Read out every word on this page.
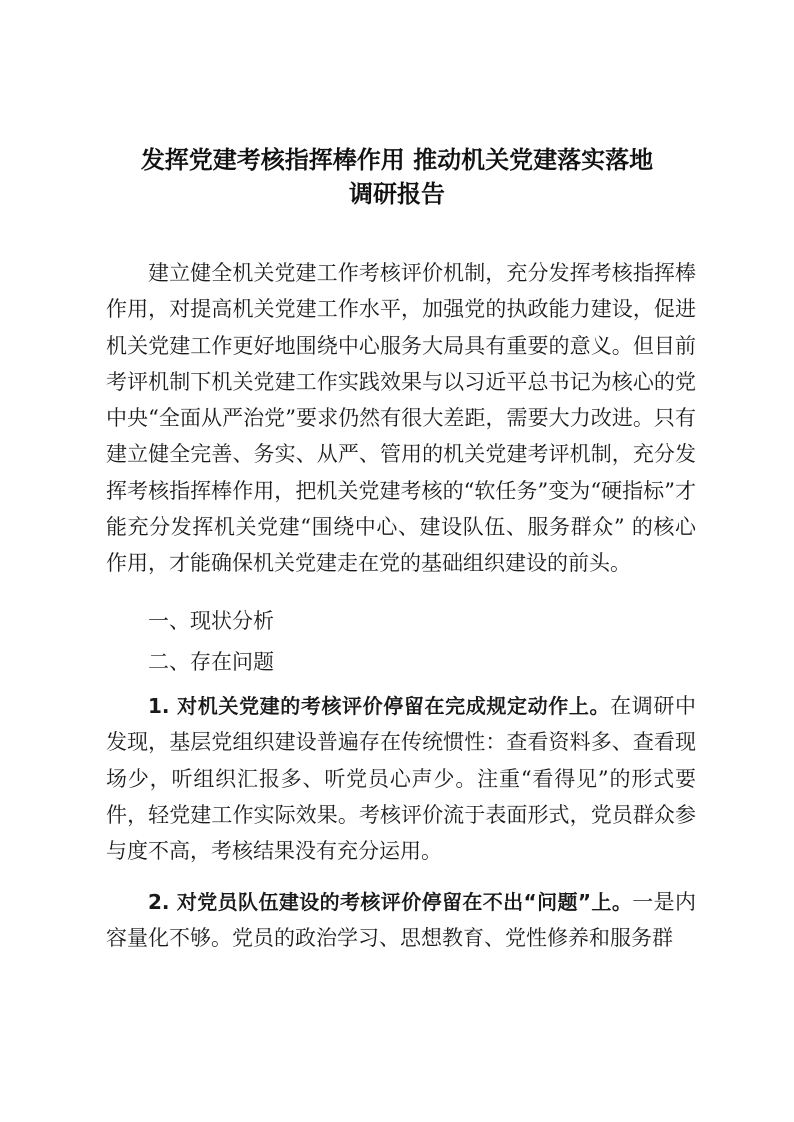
发挥党建考核指挥棒作用 推动机关党建落实落地
调研报告

建立健全机关党建工作考核评价机制，充分发挥考核指挥棒作用，对提高机关党建工作水平，加强党的执政能力建设，促进机关党建工作更好地围绕中心服务大局具有重要的意义。但目前考评机制下机关党建工作实践效果与以习近平总书记为核心的党中央“全面从严治党”要求仍然有很大差距，需要大力改进。只有建立健全完善、务实、从严、管用的机关党建考评机制，充分发挥考核指挥棒作用，把机关党建考核的“软任务”变为“硬指标”才能充分发挥机关党建“围绕中心、建设队伍、服务群众” 的核心作用，才能确保机关党建走在党的基础组织建设的前头。

一、现状分析

二、存在问题

1. 对机关党建的考核评价停留在完成规定动作上。在调研中发现，基层党组织建设普遍存在传统惯性：查看资料多、查看现场少，听组织汇报多、听党员心声少。注重“看得见”的形式要件，轻党建工作实际效果。考核评价流于表面形式，党员群众参与度不高，考核结果没有充分运用。

2. 对党员队伍建设的考核评价停留在不出“问题”上。一是内容量化不够。党员的政治学习、思想教育、党性修养和服务群
